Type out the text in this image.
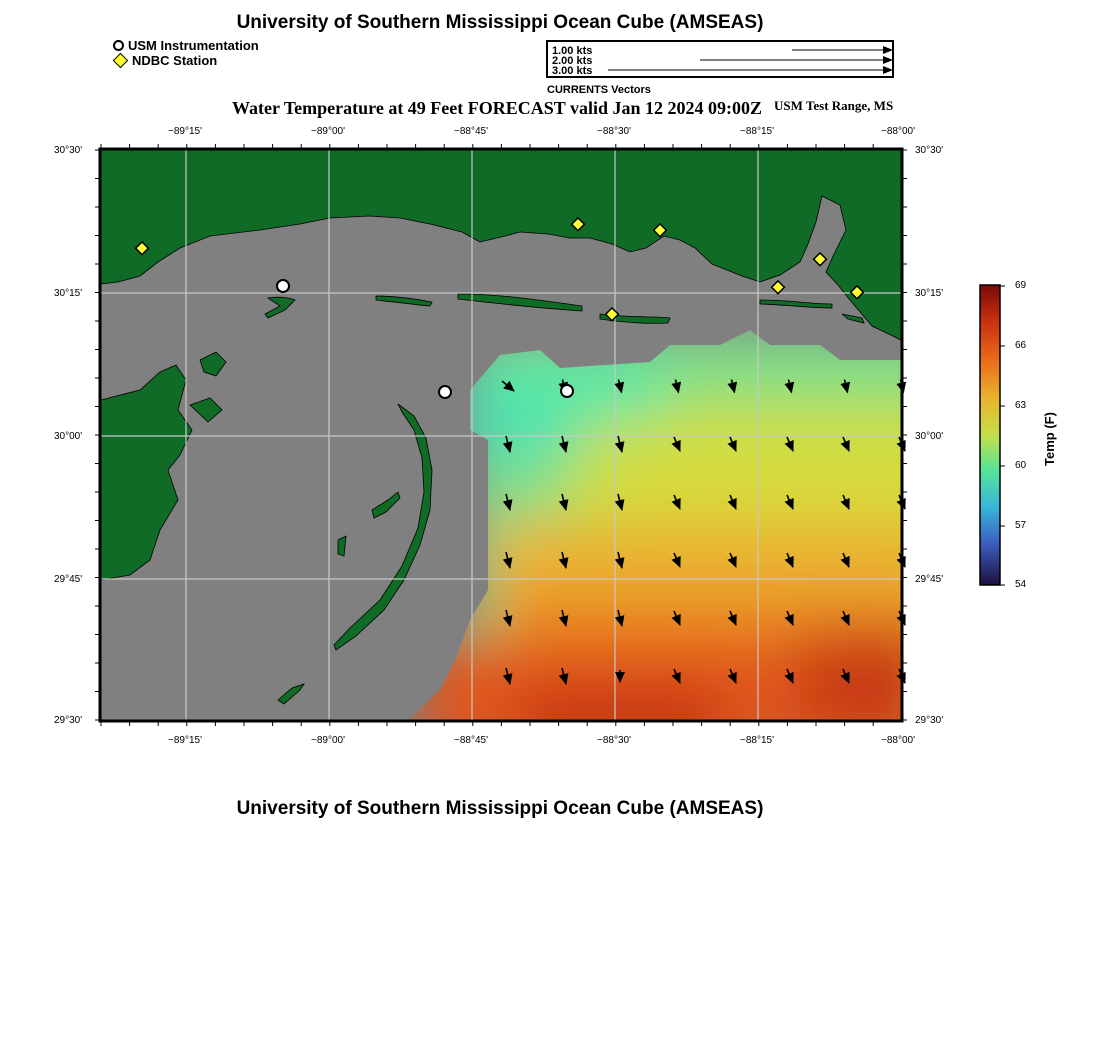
University of Southern Mississippi Ocean Cube (AMSEAS)
USM Instrumentation
NDBC Station
1.00 kts
2.00 kts
3.00 kts
CURRENTS Vectors
Water Temperature at 49 Feet FORECAST valid Jan 12 2024 09:00Z USM Test Range, MS
−89°15'	−89°00'	−88°45'	−88°30'	−88°15'	−88°00'
−89°15'	−89°00'	−88°45'	−88°30'	−88°15'	−88°00'
30°30'
30°15'
30°00'
29°45'
29°30'
30°30'
30°15'
30°00'
29°45'
29°30'
69
66
63
60
57
54
Temp (F)
University of Southern Mississippi Ocean Cube (AMSEAS)
